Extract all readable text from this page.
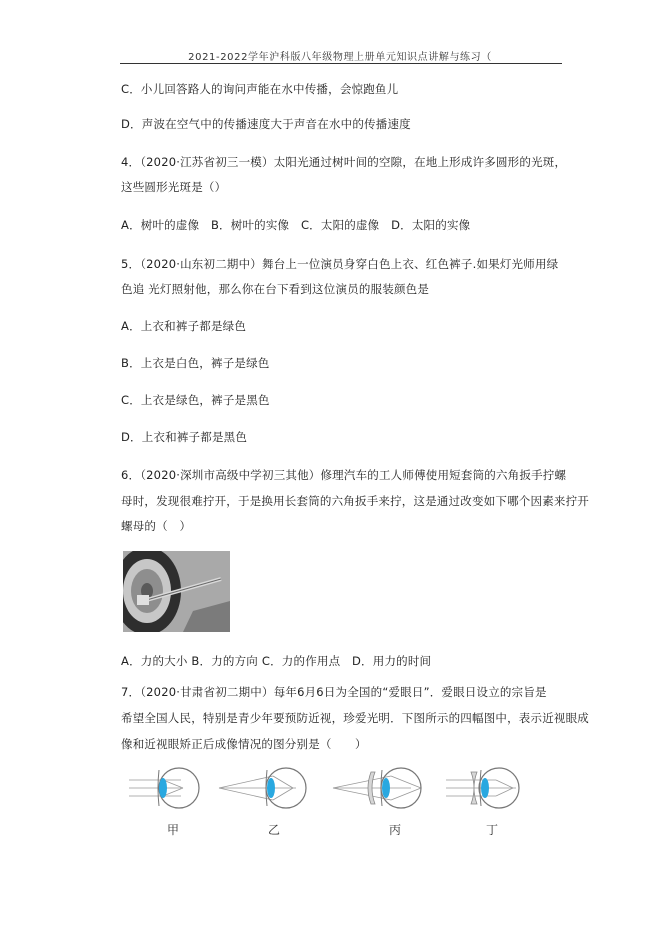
2021-2022学年沪科版八年级物理上册单元知识点讲解与练习（
C．小儿回答路人的询问声能在水中传播，会惊跑鱼儿
D．声波在空气中的传播速度大于声音在水中的传播速度
4．（2020·江苏省初三一模）太阳光通过树叶间的空隙，在地上形成许多圆形的光斑，
这些圆形光斑是（）
A．树叶的虚像　B．树叶的实像　C．太阳的虚像　D．太阳的实像
5．（2020·山东初二期中）舞台上一位演员身穿白色上衣、红色裤子.如果灯光师用绿
色追 光灯照射他，那么你在台下看到这位演员的服装颜色是
A．上衣和裤子都是绿色
B．上衣是白色，裤子是绿色
C．上衣是绿色，裤子是黑色
D．上衣和裤子都是黑色
6．（2020·深圳市高级中学初三其他）修理汽车的工人师傅使用短套筒的六角扳手拧螺
母时，发现很难拧开，于是换用长套筒的六角扳手来拧，这是通过改变如下哪个因素来拧开
螺母的（　）
A．力的大小 B．力的方向 C．力的作用点　D．用力的时间
7．（2020·甘肃省初二期中）每年6月6日为全国的“爱眼日”．爱眼日设立的宗旨是
希望全国人民，特别是青少年要预防近视，珍爱光明．下图所示的四幅图中，表示近视眼成
像和近视眼矫正后成像情况的图分别是（　　）
甲	乙	丙	丁
